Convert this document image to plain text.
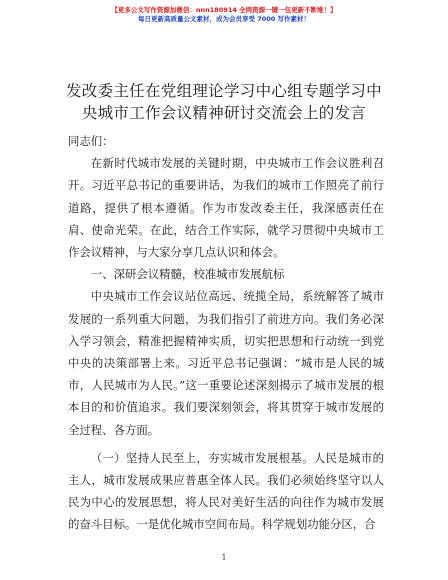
【更多公文写作资源加微信：nnn180914 全网资源一键一包更新不断维！】
每日更新高质量公文素材，成为会员享受 7000 写作素材！
发改委主任在党组理论学习中心组专题学习中
央城市工作会议精神研讨交流会上的发言

同志们：

在新时代城市发展的关键时期，中央城市工作会议胜利召开。习近平总书记的重要讲话，为我们的城市工作照亮了前行道路，提供了根本遵循。作为市发改委主任，我深感责任在肩、使命光荣。在此，结合工作实际，就学习贯彻中央城市工作会议精神，与大家分享几点认识和体会。

一、深研会议精髓，校准城市发展航标

中央城市工作会议站位高远、统揽全局，系统解答了城市发展的一系列重大问题，为我们指引了前进方向。我们务必深入学习领会，精准把握精神实质，切实把思想和行动统一到党中央的决策部署上来。习近平总书记强调：“城市是人民的城市，人民城市为人民。”这一重要论述深刻揭示了城市发展的根本目的和价值追求。我们要深刻领会，将其贯穿于城市发展的全过程、各方面。

（一）坚持人民至上，夯实城市发展根基。人民是城市的主人，城市发展成果应普惠全体人民。我们必须始终坚守以人民为中心的发展思想，将人民对美好生活的向往作为城市发展的奋斗目标。一是优化城市空间布局。科学规划功能分区，合

1
